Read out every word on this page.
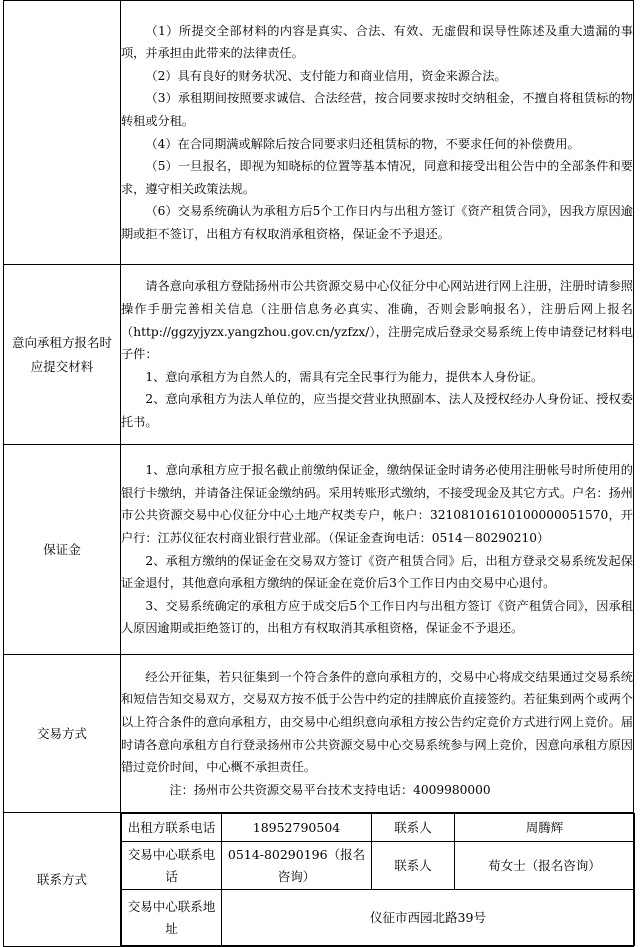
（1）所提交全部材料的内容是真实、合法、有效、无虚假和误导性陈述及重大遗漏的事项，并承担由此带来的法律责任。

（2）具有良好的财务状况、支付能力和商业信用，资金来源合法。

（3）承租期间按照要求诚信、合法经营，按合同要求按时交纳租金，不擅自将租赁标的物转租或分租。

（4）在合同期满或解除后按合同要求归还租赁标的物，不要求任何的补偿费用。

（5）一旦报名，即视为知晓标的位置等基本情况，同意和接受出租公告中的全部条件和要求，遵守相关政策法规。

（6）交易系统确认为承租方后5个工作日内与出租方签订《资产租赁合同》，因我方原因逾期或拒不签订，出租方有权取消承租资格，保证金不予退还。

意向承租方报名时
应提交材料

请各意向承租方登陆扬州市公共资源交易中心仪征分中心网站进行网上注册，注册时请参照操作手册完善相关信息（注册信息务必真实、准确，否则会影响报名），注册后网上报名（http://ggzyjyzx.yangzhou.gov.cn/yzfzx/），注册完成后登录交易系统上传申请登记材料电子件：

1、意向承租方为自然人的，需具有完全民事行为能力，提供本人身份证。

2、意向承租方为法人单位的，应当提交营业执照副本、法人及授权经办人身份证、授权委托书。

保证金	

1、意向承租方应于报名截止前缴纳保证金，缴纳保证金时请务必使用注册帐号时所使用的银行卡缴纳，并请备注保证金缴纳码。采用转账形式缴纳，不接受现金及其它方式。户名：扬州市公共资源交易中心仪征分中心土地产权类专户，帐户：32108101610100000051570，开户行：江苏仪征农村商业银行营业部。（保证金查询电话：0514－80290210）

2、承租方缴纳的保证金在交易双方签订《资产租赁合同》后，出租方登录交易系统发起保证金退付，其他意向承租方缴纳的保证金在竞价后3个工作日内由交易中心退付。

3、交易系统确定的承租方应于成交后5个工作日内与出租方签订《资产租赁合同》，因承租人原因逾期或拒绝签订的，出租方有权取消其承租资格，保证金不予退还。

交易方式	

经公开征集，若只征集到一个符合条件的意向承租方的，交易中心将成交结果通过交易系统和短信告知交易双方，交易双方按不低于公告中约定的挂牌底价直接签约。若征集到两个或两个以上符合条件的意向承租方，由交易中心组织意向承租方按公告约定竞价方式进行网上竞价。届时请各意向承租方自行登录扬州市公共资源交易中心交易系统参与网上竞价，因意向承租方原因错过竞价时间，中心概不承担责任。

注：扬州市公共资源交易平台技术支持电话：4009980000

联系方式	
出租方联系电话	18952790504	联系人	周腾辉
交易中心联系电话	0514-80290196（报名咨询）	联系人	荀女士（报名咨询）
交易中心联系地址	仪征市西园北路39号
